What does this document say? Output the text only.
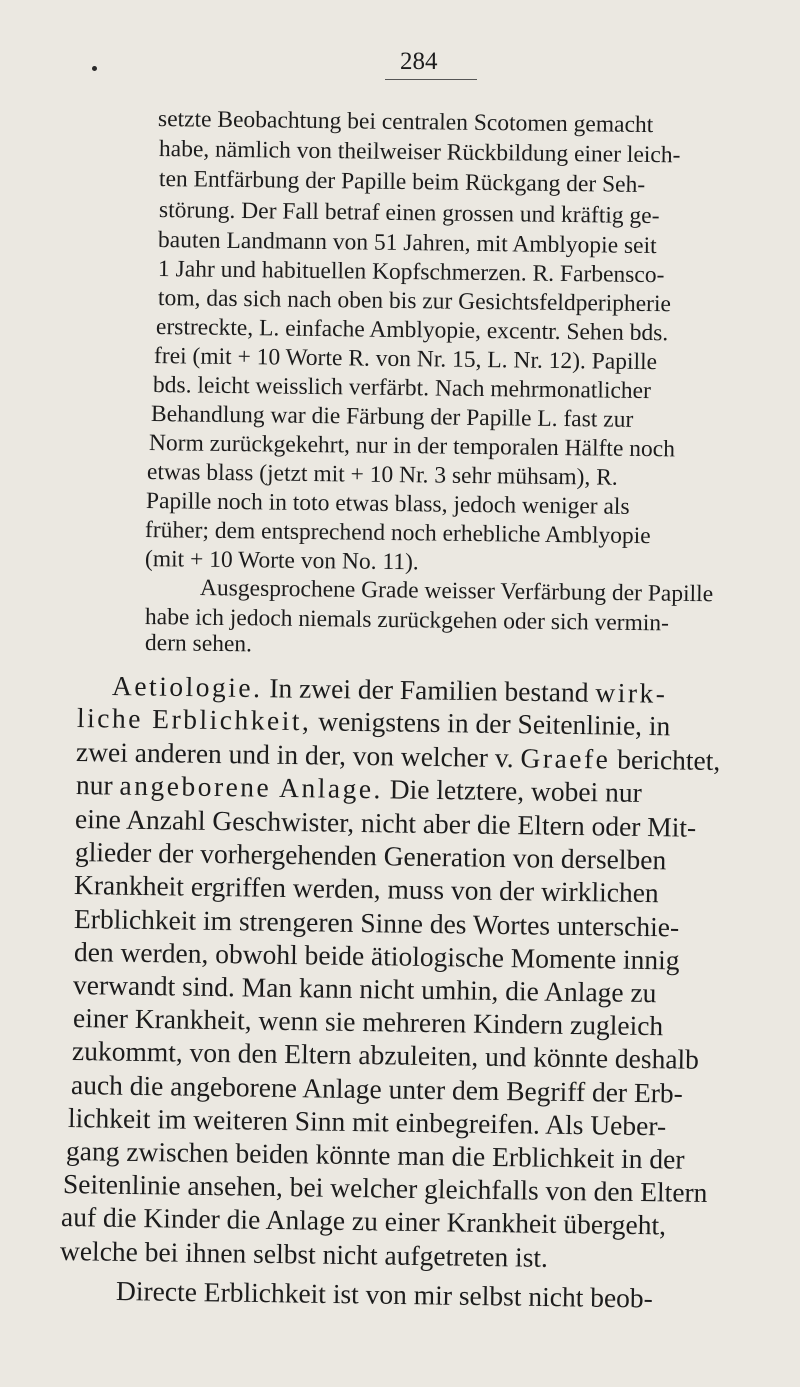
284
setzte Beobachtung bei centralen Scotomen gemacht
habe, nämlich von theilweiser Rückbildung einer leich-
ten Entfärbung der Papille beim Rückgang der Seh-
störung. Der Fall betraf einen grossen und kräftig ge-
bauten Landmann von 51 Jahren, mit Amblyopie seit
1 Jahr und habituellen Kopfschmerzen. R. Farbensco-
tom, das sich nach oben bis zur Gesichtsfeldperipherie
erstreckte, L. einfache Amblyopie, excentr. Sehen bds.
frei (mit + 10 Worte R. von Nr. 15, L. Nr. 12). Papille
bds. leicht weisslich verfärbt. Nach mehrmonatlicher
Behandlung war die Färbung der Papille L. fast zur
Norm zurückgekehrt, nur in der temporalen Hälfte noch
etwas blass (jetzt mit + 10 Nr. 3 sehr mühsam), R.
Papille noch in toto etwas blass, jedoch weniger als
früher; dem entsprechend noch erhebliche Amblyopie
(mit + 10 Worte von No. 11).
Ausgesprochene Grade weisser Verfärbung der Papille
habe ich jedoch niemals zurückgehen oder sich vermin-
dern sehen.
Aetiologie. In zwei der Familien bestand wirk-
liche Erblichkeit, wenigstens in der Seitenlinie, in
zwei anderen und in der, von welcher v. Graefe berichtet,
nur angeborene Anlage. Die letztere, wobei nur
eine Anzahl Geschwister, nicht aber die Eltern oder Mit-
glieder der vorhergehenden Generation von derselben
Krankheit ergriffen werden, muss von der wirklichen
Erblichkeit im strengeren Sinne des Wortes unterschie-
den werden, obwohl beide ätiologische Momente innig
verwandt sind. Man kann nicht umhin, die Anlage zu
einer Krankheit, wenn sie mehreren Kindern zugleich
zukommt, von den Eltern abzuleiten, und könnte deshalb
auch die angeborene Anlage unter dem Begriff der Erb-
lichkeit im weiteren Sinn mit einbegreifen. Als Ueber-
gang zwischen beiden könnte man die Erblichkeit in der
Seitenlinie ansehen, bei welcher gleichfalls von den Eltern
auf die Kinder die Anlage zu einer Krankheit übergeht,
welche bei ihnen selbst nicht aufgetreten ist.
Directe Erblichkeit ist von mir selbst nicht beob-
